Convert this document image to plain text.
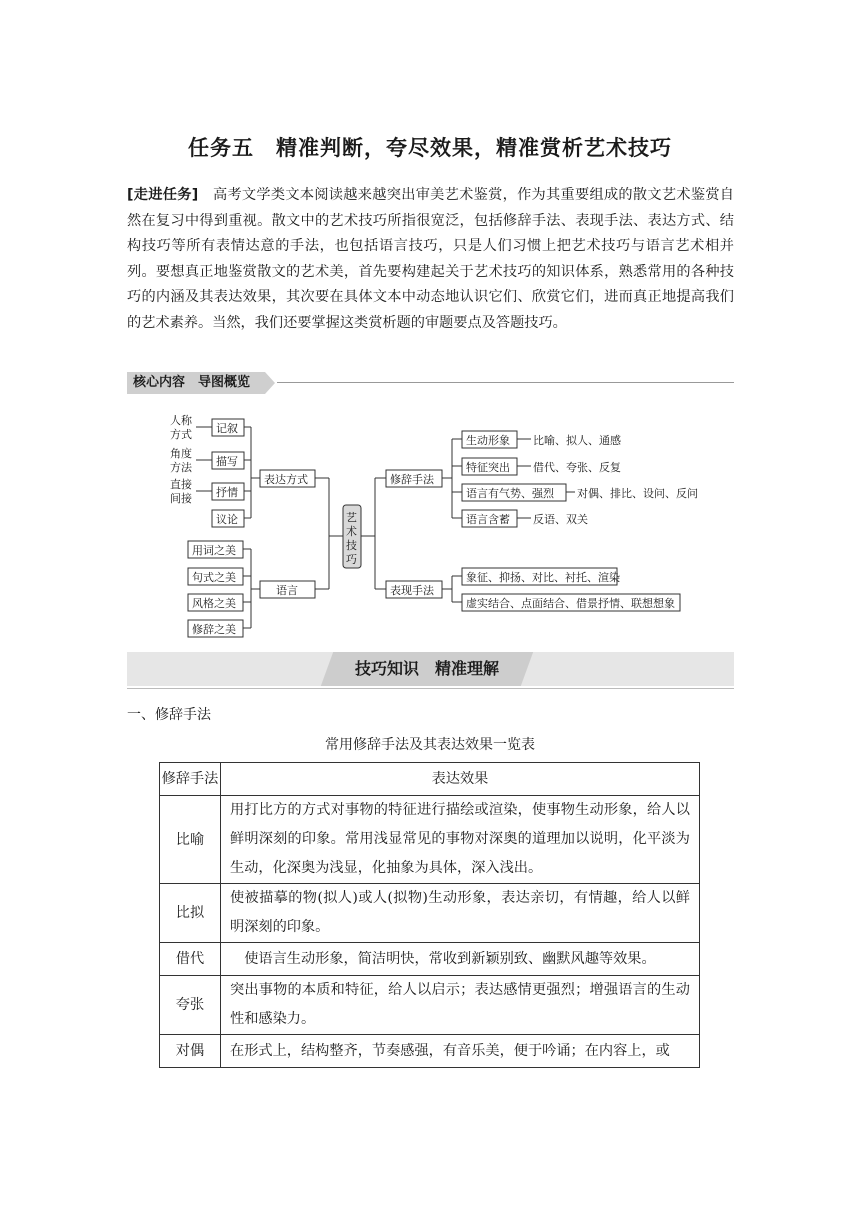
任务五　精准判断，夸尽效果，精准赏析艺术技巧

[走进任务]　高考文学类文本阅读越来越突出审美艺术鉴赏，作为其重要组成的散文艺术鉴赏自然在复习中得到重视。散文中的艺术技巧所指很宽泛，包括修辞手法、表现手法、表达方式、结构技巧等所有表情达意的手法，也包括语言技巧，只是人们习惯上把艺术技巧与语言艺术相并列。要想真正地鉴赏散文的艺术美，首先要构建起关于艺术技巧的知识体系，熟悉常用的各种技巧的内涵及其表达效果，其次要在具体文本中动态地认识它们、欣赏它们，进而真正地提高我们的艺术素养。当然，我们还要掌握这类赏析题的审题要点及答题技巧。

核心内容　导图概览
人称
方式
角度
方法
直接
间接
记叙
描写
抒情
议论
表达方式
用词之美
句式之美
风格之美
修辞之美
语言
艺
术
技
巧
修辞手法
表现手法
生动形象
特征突出
语言有气势、强烈
语言含蓄
比喻、拟人、通感
借代、夸张、反复
对偶、排比、设问、反问
反语、双关
象征、抑扬、对比、衬托、渲染
虚实结合、点面结合、借景抒情、联想想象
技巧知识　精准理解
一、修辞手法
常用修辞手法及其表达效果一览表
修辞手法	表达效果
比喻	用打比方的方式对事物的特征进行描绘或渲染，使事物生动形象，给人以鲜明深刻的印象。常用浅显常见的事物对深奥的道理加以说明，化平淡为生动，化深奥为浅显，化抽象为具体，深入浅出。
比拟	使被描摹的物(拟人)或人(拟物)生动形象，表达亲切，有情趣，给人以鲜明深刻的印象。
借代	　使语言生动形象，简洁明快，常收到新颖别致、幽默风趣等效果。
夸张	突出事物的本质和特征，给人以启示；表达感情更强烈；增强语言的生动性和感染力。
对偶	在形式上，结构整齐，节奏感强，有音乐美，便于吟诵；在内容上，或
